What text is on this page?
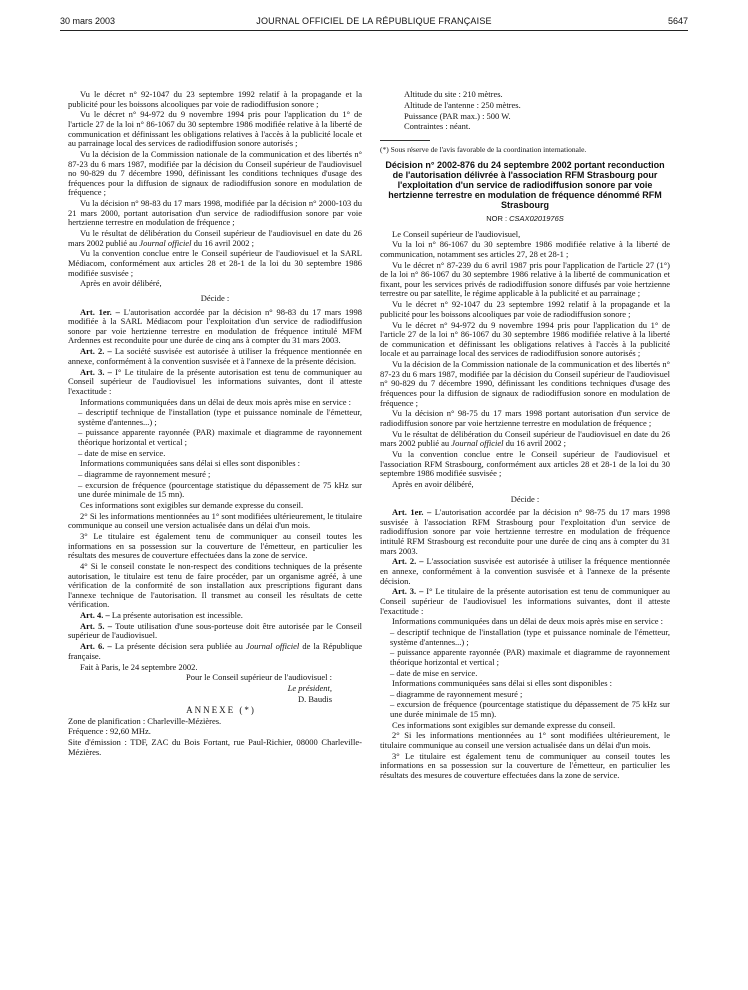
30 mars 2003	JOURNAL OFFICIEL DE LA RÉPUBLIQUE FRANÇAISE	5647

Vu le décret n° 92-1047 du 23 septembre 1992 relatif à la propagande et la publicité pour les boissons alcooliques par voie de radiodiffusion sonore ;

Vu le décret n° 94-972 du 9 novembre 1994 pris pour l'application du 1° de l'article 27 de la loi n° 86-1067 du 30 septembre 1986 modifiée relative à la liberté de communication et définissant les obligations relatives à l'accès à la publicité locale et au parrainage local des services de radiodiffusion sonore autorisés ;

Vu la décision de la Commission nationale de la communication et des libertés n° 87-23 du 6 mars 1987, modifiée par la décision du Conseil supérieur de l'audiovisuel no 90-829 du 7 décembre 1990, définissant les conditions techniques d'usage des fréquences pour la diffusion de signaux de radiodiffusion sonore en modulation de fréquence ;

Vu la décision n° 98-83 du 17 mars 1998, modifiée par la décision n° 2000-103 du 21 mars 2000, portant autorisation d'un service de radiodiffusion sonore par voie hertzienne terrestre en modulation de fréquence ;

Vu le résultat de délibération du Conseil supérieur de l'audiovisuel en date du 26 mars 2002 publié au Journal officiel du 16 avril 2002 ;

Vu la convention conclue entre le Conseil supérieur de l'audiovisuel et la SARL Médiacom, conformément aux articles 28 et 28-1 de la loi du 30 septembre 1986 modifiée susvisée ;

Après en avoir délibéré,

Décide :

Art. 1er. – L'autorisation accordée par la décision n° 98-83 du 17 mars 1998 modifiée à la SARL Médiacom pour l'exploitation d'un service de radiodiffusion sonore par voie hertzienne terrestre en modulation de fréquence intitulé MFM Ardennes est reconduite pour une durée de cinq ans à compter du 31 mars 2003.

Art. 2. – La société susvisée est autorisée à utiliser la fréquence mentionnée en annexe, conformément à la convention susvisée et à l'annexe de la présente décision.

Art. 3. – I° Le titulaire de la présente autorisation est tenu de communiquer au Conseil supérieur de l'audiovisuel les informations suivantes, dont il atteste l'exactitude :

Informations communiquées dans un délai de deux mois après mise en service :

– descriptif technique de l'installation (type et puissance nominale de l'émetteur, système d'antennes...) ;

– puissance apparente rayonnée (PAR) maximale et diagramme de rayonnement théorique horizontal et vertical ;

– date de mise en service.

Informations communiquées sans délai si elles sont disponibles :

– diagramme de rayonnement mesuré ;

– excursion de fréquence (pourcentage statistique du dépassement de 75 kHz sur une durée minimale de 15 mn).

Ces informations sont exigibles sur demande expresse du conseil.

2° Si les informations mentionnées au 1° sont modifiées ultérieurement, le titulaire communique au conseil une version actualisée dans un délai d'un mois.

3° Le titulaire est également tenu de communiquer au conseil toutes les informations en sa possession sur la couverture de l'émetteur, en particulier les résultats des mesures de couverture effectuées dans la zone de service.

4° Si le conseil constate le non-respect des conditions techniques de la présente autorisation, le titulaire est tenu de faire procéder, par un organisme agréé, à une vérification de la conformité de son installation aux prescriptions figurant dans l'annexe technique de l'autorisation. Il transmet au conseil les résultats de cette vérification.

Art. 4. – La présente autorisation est incessible.

Art. 5. – Toute utilisation d'une sous-porteuse doit être autorisée par le Conseil supérieur de l'audiovisuel.

Art. 6. – La présente décision sera publiée au Journal officiel de la République française.

Fait à Paris, le 24 septembre 2002.

Pour le Conseil supérieur de l'audiovisuel :

Le président,

D. Baudis

ANNEXE (*)

Zone de planification : Charleville-Mézières.

Fréquence : 92,60 MHz.

Site d'émission : TDF, ZAC du Bois Fortant, rue Paul-Richier, 08000 Charleville-Mézières.

Altitude du site : 210 mètres.

Altitude de l'antenne : 250 mètres.

Puissance (PAR max.) : 500 W.

Contraintes : néant.

(*) Sous réserve de l'avis favorable de la coordination internationale.

Décision n° 2002-876 du 24 septembre 2002 portant reconduction de l'autorisation délivrée à l'association RFM Strasbourg pour l'exploitation d'un service de radiodiffusion sonore par voie hertzienne terrestre en modulation de fréquence dénommé RFM Strasbourg
NOR : CSAX0201976S

Le Conseil supérieur de l'audiovisuel,

Vu la loi n° 86-1067 du 30 septembre 1986 modifiée relative à la liberté de communication, notamment ses articles 27, 28 et 28-1 ;

Vu le décret n° 87-239 du 6 avril 1987 pris pour l'application de l'article 27 (1°) de la loi n° 86-1067 du 30 septembre 1986 relative à la liberté de communication et fixant, pour les services privés de radiodiffusion sonore diffusés par voie hertzienne terrestre ou par satellite, le régime applicable à la publicité et au parrainage ;

Vu le décret n° 92-1047 du 23 septembre 1992 relatif à la propagande et la publicité pour les boissons alcooliques par voie de radiodiffusion sonore ;

Vu le décret n° 94-972 du 9 novembre 1994 pris pour l'application du 1° de l'article 27 de la loi n° 86-1067 du 30 septembre 1986 modifiée relative à la liberté de communication et définissant les obligations relatives à l'accès à la publicité locale et au parrainage local des services de radiodiffusion sonore autorisés ;

Vu la décision de la Commission nationale de la communication et des libertés n° 87-23 du 6 mars 1987, modifiée par la décision du Conseil supérieur de l'audiovisuel n° 90-829 du 7 décembre 1990, définissant les conditions techniques d'usage des fréquences pour la diffusion de signaux de radiodiffusion sonore en modulation de fréquence ;

Vu la décision n° 98-75 du 17 mars 1998 portant autorisation d'un service de radiodiffusion sonore par voie hertzienne terrestre en modulation de fréquence ;

Vu le résultat de délibération du Conseil supérieur de l'audiovisuel en date du 26 mars 2002 publié au Journal officiel du 16 avril 2002 ;

Vu la convention conclue entre le Conseil supérieur de l'audiovisuel et l'association RFM Strasbourg, conformément aux articles 28 et 28-1 de la loi du 30 septembre 1986 modifiée susvisée ;

Après en avoir délibéré,

Décide :

Art. 1er. – L'autorisation accordée par la décision n° 98-75 du 17 mars 1998 susvisée à l'association RFM Strasbourg pour l'exploitation d'un service de radiodiffusion sonore par voie hertzienne terrestre en modulation de fréquence intitulé RFM Strasbourg est reconduite pour une durée de cinq ans à compter du 31 mars 2003.

Art. 2. – L'association susvisée est autorisée à utiliser la fréquence mentionnée en annexe, conformément à la convention susvisée et à l'annexe de la présente décision.

Art. 3. – I° Le titulaire de la présente autorisation est tenu de communiquer au Conseil supérieur de l'audiovisuel les informations suivantes, dont il atteste l'exactitude :

Informations communiquées dans un délai de deux mois après mise en service :

– descriptif technique de l'installation (type et puissance nominale de l'émetteur, système d'antennes...) ;

– puissance apparente rayonnée (PAR) maximale et diagramme de rayonnement théorique horizontal et vertical ;

– date de mise en service.

Informations communiquées sans délai si elles sont disponibles :

– diagramme de rayonnement mesuré ;

– excursion de fréquence (pourcentage statistique du dépassement de 75 kHz sur une durée minimale de 15 mn).

Ces informations sont exigibles sur demande expresse du conseil.

2° Si les informations mentionnées au 1° sont modifiées ultérieurement, le titulaire communique au conseil une version actualisée dans un délai d'un mois.

3° Le titulaire est également tenu de communiquer au conseil toutes les informations en sa possession sur la couverture de l'émetteur, en particulier les résultats des mesures de couverture effectuées dans la zone de service.
